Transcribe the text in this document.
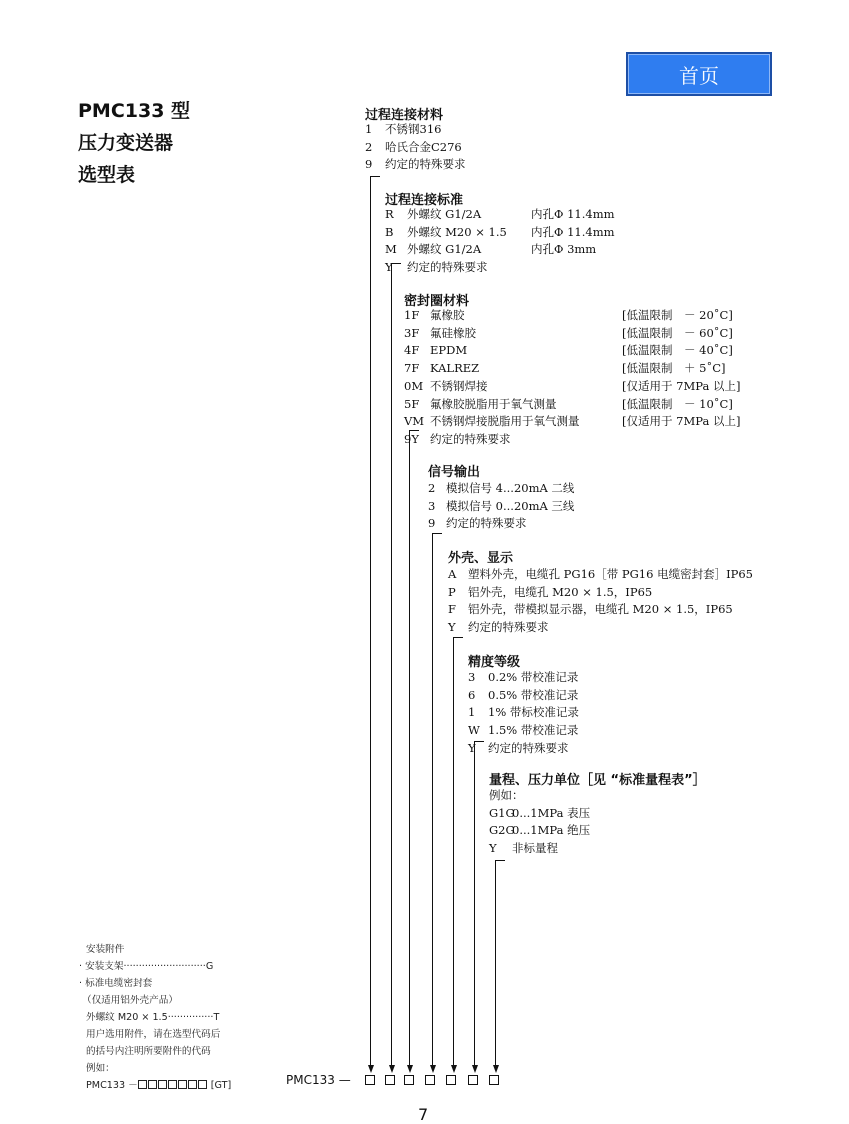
首页
PMC133 型
压力变送器
选型表
过程连接材料
1 不锈钢316
2 哈氏合金C276
9 约定的特殊要求
过程连接标准
R 外螺纹 G1/2A	内孔Φ 11.4mm
B 外螺纹 M20 × 1.5 内孔Φ 11.4mm
M 外螺纹 G1/2A	内孔Φ 3mm
Y 约定的特殊要求
密封圈材料
1F 氟橡胶	[低温限制　－ 20˚C]
3F 氟硅橡胶	[低温限制　－ 60˚C]
4F EPDM	[低温限制　－ 40˚C]
7F KALREZ	[低温限制　＋ 5˚C]
0M 不锈钢焊接	[仅适用于 7MPa 以上]
5F 氟橡胶脱脂用于氧气测量	[低温限制　－ 10˚C]
VM 不锈钢焊接脱脂用于氧气测量	[仅适用于 7MPa 以上]
9Y 约定的特殊要求
信号输出
2 模拟信号 4...20mA 二线
3 模拟信号 0...20mA 三线
9 约定的特殊要求
外壳、显示
A 塑料外壳，电缆孔 PG16［带 PG16 电缆密封套］IP65
P 铝外壳，电缆孔 M20 × 1.5，IP65
F 铝外壳，带模拟显示器，电缆孔 M20 × 1.5，IP65
Y 约定的特殊要求
精度等级
3 0.2% 带校准记录
6 0.5% 带校准记录
1 1% 带标校准记录
W 1.5% 带校准记录
Y 约定的特殊要求
量程、压力单位［见 “标准量程表”］
例如：
G1G0...1MPa 表压
G2G0...1MPa 绝压
Y 非标量程
安装附件
· 安装支架···························G
· 标准电缆密封套
（仅适用铝外壳产品）
外螺纹 M20 × 1.5···············T
用户选用附件，请在选型代码后
的括号内注明所要附件的代码
例如：
PMC133 －	[GT]	PMC133 —
7
